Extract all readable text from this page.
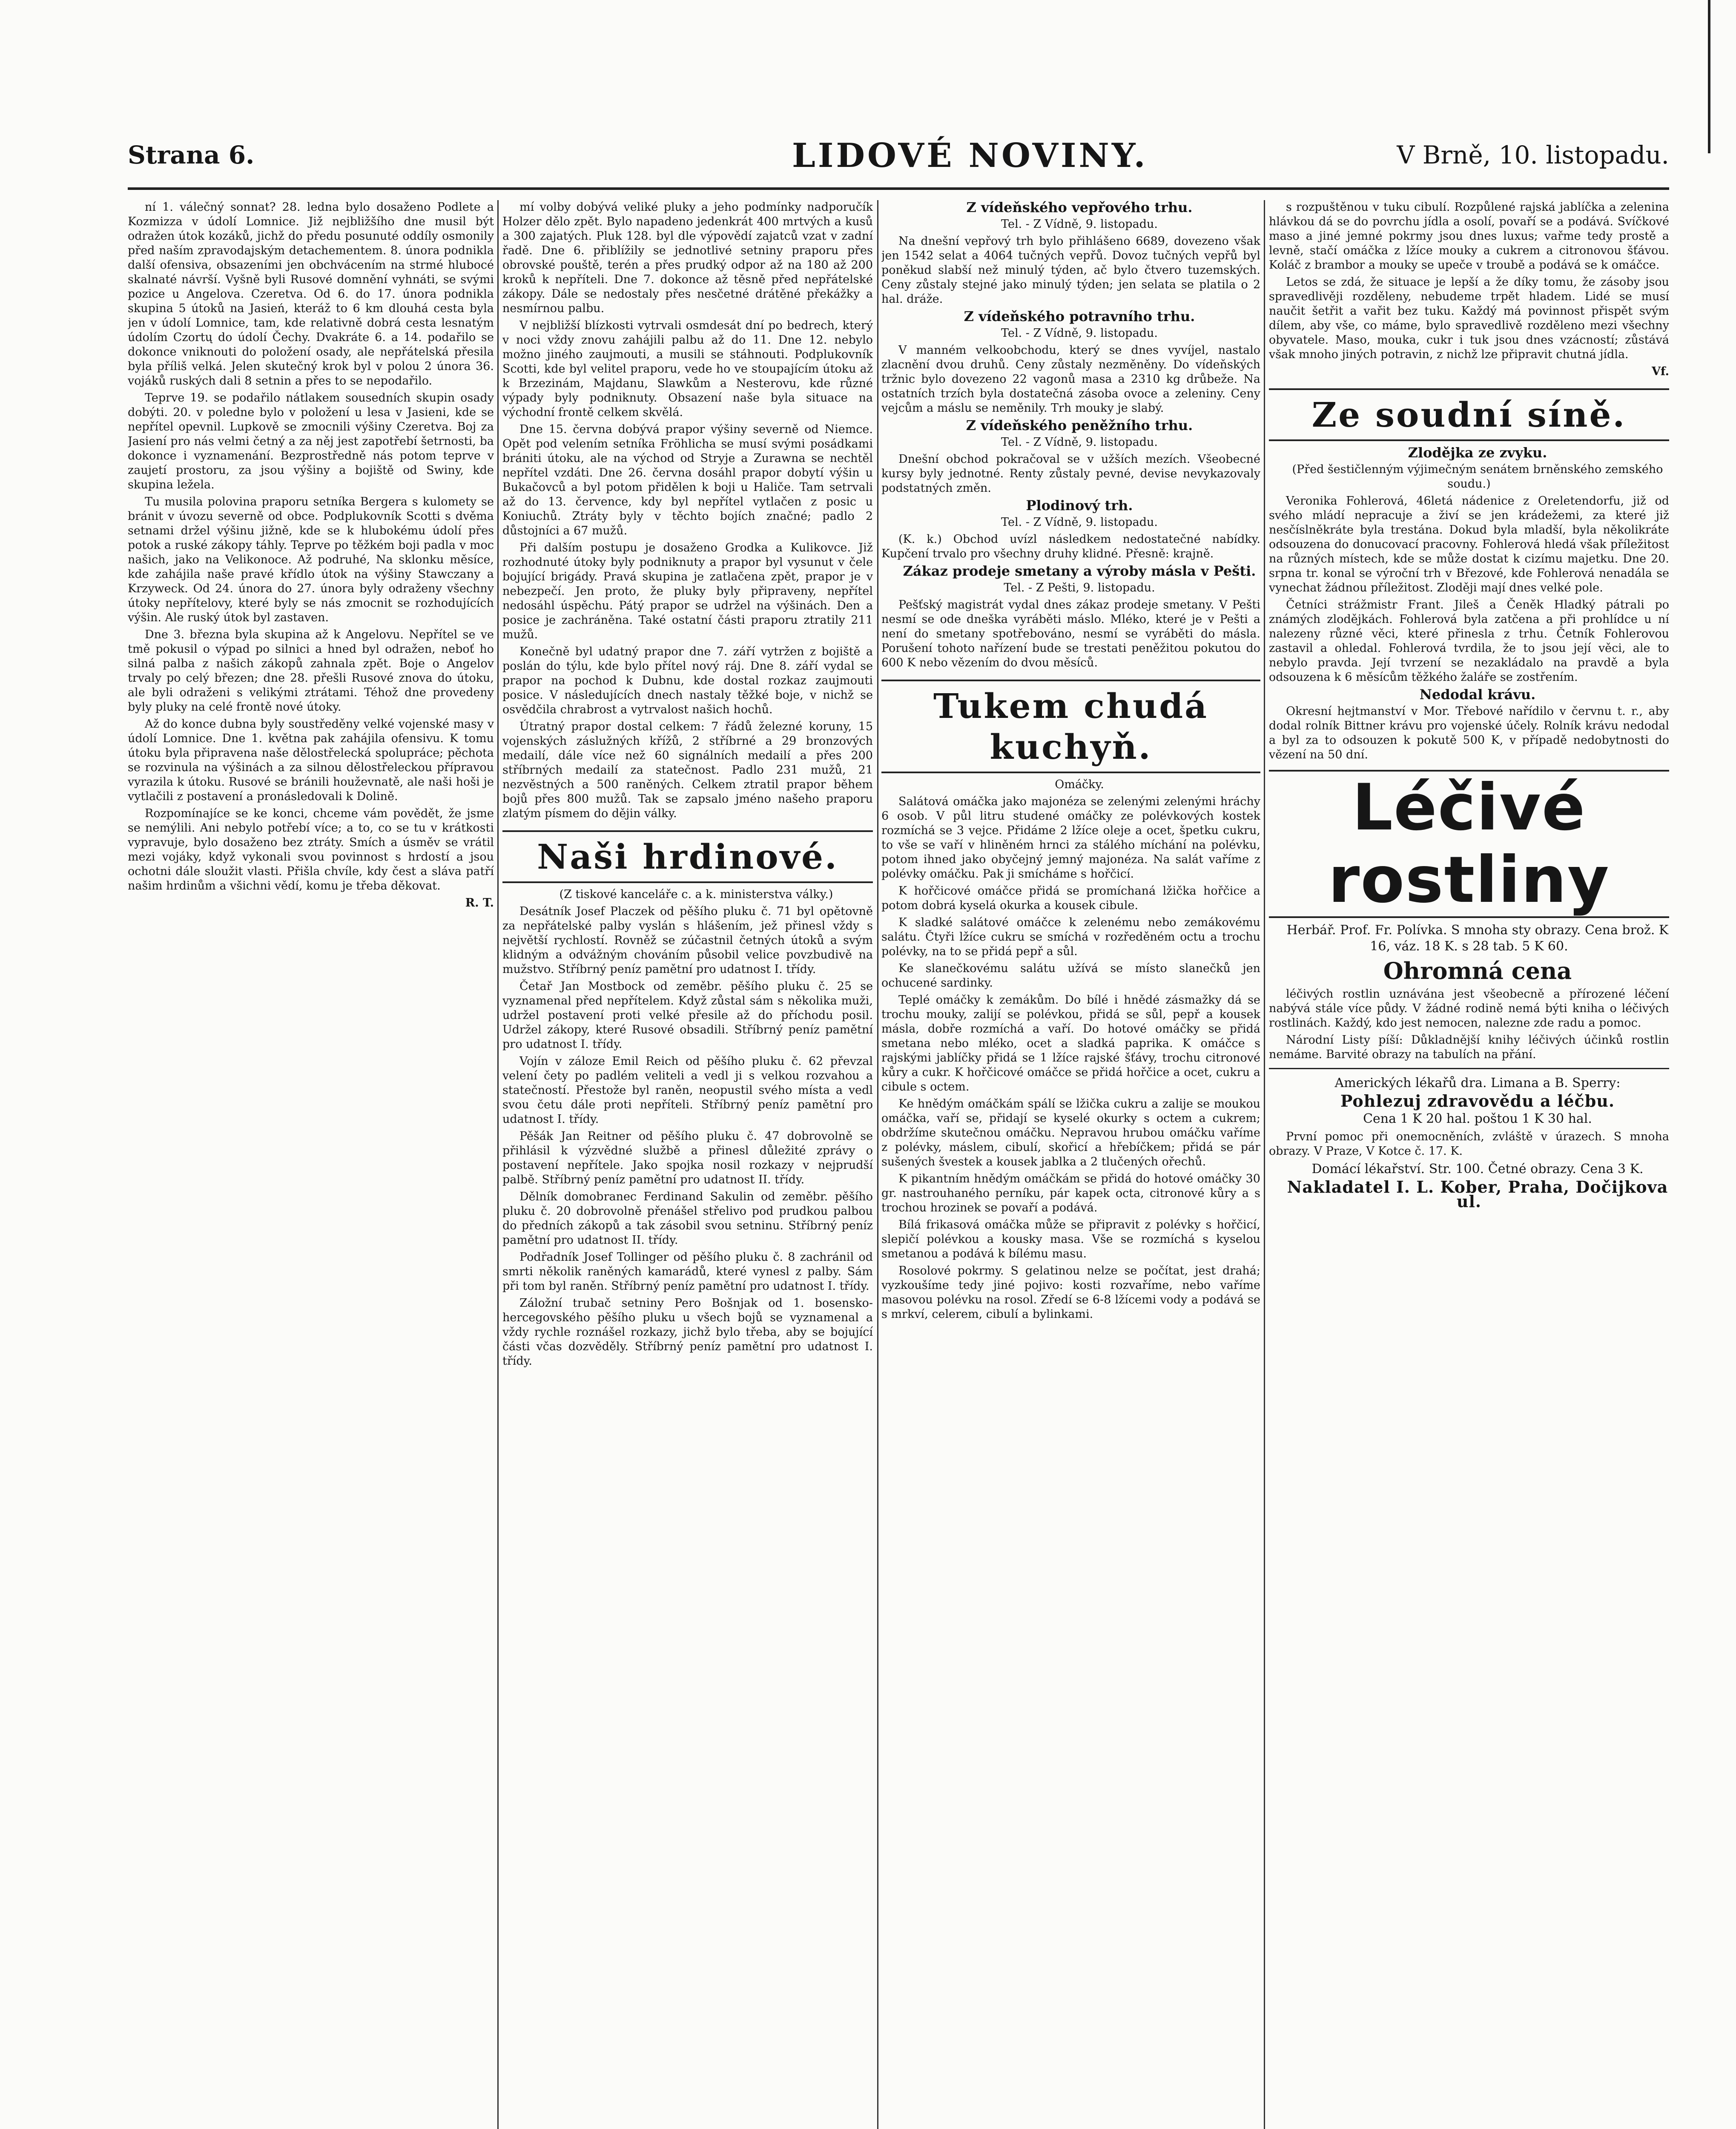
Strana 6.	LIDOVÉ NOVINY.	V Brně, 10. listopadu.

ní 1. válečný sonnat? 28. ledna bylo dosaženo Podlete a Kozmizza v údolí Lomnice. Již nejbližšího dne musil být odražen útok kozáků, jichž do předu posunuté oddíly osmonily před naším zpravodajským detachementem. 8. února podnikla další ofensiva, obsazeními jen obchvácením na strmé hlubocé skalnaté návrší. Vyšně byli Rusové domnění vyhnáti, se svými pozice u Angelova. Czeretva. Od 6. do 17. února podnikla skupina 5 útoků na Jasień, kteráž to 6 km dlouhá cesta byla jen v údolí Lomnice, tam, kde relativně dobrá cesta lesnatým údolím Czortų do údolí Čechy. Dvakráte 6. a 14. podařilo se dokonce vniknouti do položení osady, ale nepřátelská přesila byla příliš velká. Jelen skutečný krok byl v polou 2 února 36. vojáků ruských dali 8 setnin a přes to se nepodařilo.

Teprve 19. se podařilo nátlakem sousedních skupin osady dobýti. 20. v poledne bylo v položení u lesa v Jasieni, kde se nepřítel opevnil. Lupkově se zmocnili výšiny Czeretva. Boj za Jasiení pro nás velmi četný a za něj jest zapotřebí šetrnosti, ba dokonce i vyznamenání. Bezprostředně nás potom teprve v zaujetí prostoru, za jsou výšiny a bojiště od Swiny, kde skupina ležela.

Tu musila polovina praporu setníka Bergera s kulomety se bránit v úvozu severně od obce. Podplukovník Scotti s dvěma setnami držel výšinu jižně, kde se k hlubokému údolí přes potok a ruské zákopy táhly. Teprve po těžkém boji padla v moc našich, jako na Velikonoce. Až podruhé, Na sklonku měsíce, kde zahájila naše pravé křídlo útok na výšiny Stawczany a Krzyweck. Od 24. února do 27. února byly odraženy všechny útoky nepřítelovy, které byly se nás zmocnit se rozhodujících výšin. Ale ruský útok byl zastaven.

Dne 3. března byla skupina až k Angelovu. Nepřítel se ve tmě pokusil o výpad po silnici a hned byl odražen, neboť ho silná palba z našich zákopů zahnala zpět. Boje o Angelov trvaly po celý březen; dne 28. přešli Rusové znova do útoku, ale byli odraženi s velikými ztrátami. Téhož dne provedeny byly pluky na celé frontě nové útoky.

Až do konce dubna byly soustředěny velké vojenské masy v údolí Lomnice. Dne 1. května pak zahájila ofensivu. K tomu útoku byla připravena naše dělostřelecká spolupráce; pěchota se rozvinula na výšinách a za silnou dělostřeleckou přípravou vyrazila k útoku. Rusové se bránili houževnatě, ale naši hoši je vytlačili z postavení a pronásledovali k Dolině.

Rozpomínajíce se ke konci, chceme vám povědět, že jsme se nemýlili. Ani nebylo potřebí více; a to, co se tu v krátkosti vypravuje, bylo dosaženo bez ztráty. Smích a úsměv se vrátil mezi vojáky, když vykonali svou povinnost s hrdostí a jsou ochotni dále sloužit vlasti. Přišla chvíle, kdy čest a sláva patří našim hrdinům a všichni vědí, komu je třeba děkovat.

R. T.

mí volby dobývá veliké pluky a jeho podmínky nadporučík Holzer dělo zpět. Bylo napadeno jedenkrát 400 mrtvých a kusů a 300 zajatých. Pluk 128. byl dle výpovědí zajatců vzat v zadní řadě. Dne 6. přiblížily se jednotlivé setniny praporu přes obrovské pouště, terén a přes prudký odpor až na 180 až 200 kroků k nepříteli. Dne 7. dokonce až těsně před nepřátelské zákopy. Dále se nedostaly přes nesčetné drátěné překážky a nesmírnou palbu.

V nejbližší blízkosti vytrvali osmdesát dní po bedrech, který v noci vždy znovu zahájili palbu až do 11. Dne 12. nebylo možno jiného zaujmouti, a musili se stáhnouti. Podplukovník Scotti, kde byl velitel praporu, vede ho ve stoupajícím útoku až k Brzezinám, Majdanu, Slawkům a Nesterovu, kde různé výpady byly podniknuty. Obsazení naše byla situace na východní frontě celkem skvělá.

Dne 15. června dobývá prapor výšiny severně od Niemce. Opět pod velením setníka Fröhlicha se musí svými posádkami brániti útoku, ale na východ od Stryje a Zurawna se nechtěl nepřítel vzdáti. Dne 26. června dosáhl prapor dobytí výšin u Bukačovců a byl potom přidělen k boji u Haliče. Tam setrvali až do 13. července, kdy byl nepřítel vytlačen z posic u Koniuchů. Ztráty byly v těchto bojích značné; padlo 2 důstojníci a 67 mužů.

Při dalším postupu je dosaženo Grodka a Kulikovce. Již rozhodnuté útoky byly podniknuty a prapor byl vysunut v čele bojující brigády. Pravá skupina je zatlačena zpět, prapor je v nebezpečí. Jen proto, že pluky byly připraveny, nepřítel nedosáhl úspěchu. Pátý prapor se udržel na výšinách. Den a posice je zachráněna. Také ostatní části praporu ztratily 211 mužů.

Konečně byl udatný prapor dne 7. září vytržen z bojiště a poslán do týlu, kde bylo přítel nový ráj. Dne 8. září vydal se prapor na pochod k Dubnu, kde dostal rozkaz zaujmouti posice. V následujících dnech nastaly těžké boje, v nichž se osvědčila chrabrost a vytrvalost našich hochů.

Útratný prapor dostal celkem: 7 řádů železné koruny, 15 vojenských záslužných křížů, 2 stříbrné a 29 bronzových medailí, dále více než 60 signálních medailí a přes 200 stříbrných medailí za statečnost. Padlo 231 mužů, 21 nezvěstných a 500 raněných. Celkem ztratil prapor během bojů přes 800 mužů. Tak se zapsalo jméno našeho praporu zlatým písmem do dějin války.

Naši hrdinové.

(Z tiskové kanceláře c. a k. ministerstva války.)

Desátník Josef Placzek od pěšího pluku č. 71 byl opětovně za nepřátelské palby vyslán s hlášením, jež přinesl vždy s největší rychlostí. Rovněž se zúčastnil četných útoků a svým klidným a odvážným chováním působil velice povzbudivě na mužstvo. Stříbrný peníz pamětní pro udatnost I. třídy.

Četař Jan Mostbock od zeměbr. pěšího pluku č. 25 se vyznamenal před nepřítelem. Když zůstal sám s několika muži, udržel postavení proti velké přesile až do příchodu posil. Udržel zákopy, které Rusové obsadili. Stříbrný peníz pamětní pro udatnost I. třídy.

Vojín v záloze Emil Reich od pěšího pluku č. 62 převzal velení čety po padlém veliteli a vedl ji s velkou rozvahou a statečností. Přestože byl raněn, neopustil svého místa a vedl svou četu dále proti nepříteli. Stříbrný peníz pamětní pro udatnost I. třídy.

Pěšák Jan Reitner od pěšího pluku č. 47 dobrovolně se přihlásil k výzvědné službě a přinesl důležité zprávy o postavení nepřítele. Jako spojka nosil rozkazy v nejprudší palbě. Stříbrný peníz pamětní pro udatnost II. třídy.

Dělník domobranec Ferdinand Sakulin od zeměbr. pěšího pluku č. 20 dobrovolně přenášel střelivo pod prudkou palbou do předních zákopů a tak zásobil svou setninu. Stříbrný peníz pamětní pro udatnost II. třídy.

Podřadník Josef Tollinger od pěšího pluku č. 8 zachránil od smrti několik raněných kamarádů, které vynesl z palby. Sám při tom byl raněn. Stříbrný peníz pamětní pro udatnost I. třídy.

Záložní trubač setniny Pero Bošnjak od 1. bosensko-hercegovského pěšího pluku u všech bojů se vyznamenal a vždy rychle roznášel rozkazy, jichž bylo třeba, aby se bojující části včas dozvěděly. Stříbrný peníz pamětní pro udatnost I. třídy.

Z vídeňského vepřového trhu.

Tel. - Z Vídně, 9. listopadu.

Na dnešní vepřový trh bylo přihlášeno 6689, dovezeno však jen 1542 selat a 4064 tučných vepřů. Dovoz tučných vepřů byl poněkud slabší než minulý týden, ač bylo čtvero tuzemských. Ceny zůstaly stejné jako minulý týden; jen selata se platila o 2 hal. dráže.

Z vídeňského potravního trhu.

Tel. - Z Vídně, 9. listopadu.

V manném velkoobchodu, který se dnes vyvíjel, nastalo zlacnění dvou druhů. Ceny zůstaly nezměněny. Do vídeňských tržnic bylo dovezeno 22 vagonů masa a 2310 kg drůbeže. Na ostatních trzích byla dostatečná zásoba ovoce a zeleniny. Ceny vejcům a máslu se neměnily. Trh mouky je slabý.

Z vídeňského peněžního trhu.

Tel. - Z Vídně, 9. listopadu.

Dnešní obchod pokračoval se v užších mezích. Všeobecné kursy byly jednotné. Renty zůstaly pevné, devise nevykazovaly podstatných změn.

Plodinový trh.

Tel. - Z Vídně, 9. listopadu.

(K. k.) Obchod uvízl následkem nedostatečné nabídky. Kupčení trvalo pro všechny druhy klidné. Přesně: krajně.

Zákaz prodeje smetany a výroby másla v Pešti.

Tel. - Z Pešti, 9. listopadu.

Pešťský magistrát vydal dnes zákaz prodeje smetany. V Pešti nesmí se ode dneška vyráběti máslo. Mléko, které je v Pešti a není do smetany spotřebováno, nesmí se vyráběti do másla. Porušení tohoto nařízení bude se trestati peněžitou pokutou do 600 K nebo vězením do dvou měsíců.

Tukem chudá kuchyň.

Omáčky.

Salátová omáčka jako majonéza se zelenými zelenými hráchy 6 osob. V půl litru studené omáčky ze polévkových kostek rozmíchá se 3 vejce. Přidáme 2 lžíce oleje a ocet, špetku cukru, to vše se vaří v hliněném hrnci za stálého míchání na polévku, potom ihned jako obyčejný jemný majonéza. Na salát vaříme z polévky omáčku. Pak ji smícháme s hořčicí.

K hořčicové omáčce přidá se promíchaná lžička hořčice a potom dobrá kyselá okurka a kousek cibule.

K sladké salátové omáčce k zelenému nebo zemákovému salátu. Čtyři lžíce cukru se smíchá v rozředěném octu a trochu polévky, na to se přidá pepř a sůl.

Ke slanečkovému salátu užívá se místo slanečků jen ochucené sardinky.

Teplé omáčky k zemákům. Do bílé i hnědé zásmažky dá se trochu mouky, zalijí se polévkou, přidá se sůl, pepř a kousek másla, dobře rozmíchá a vaří. Do hotové omáčky se přidá smetana nebo mléko, ocet a sladká paprika. K omáčce s rajskými jablíčky přidá se 1 lžíce rajské šťávy, trochu citronové kůry a cukr. K hořčicové omáčce se přidá hořčice a ocet, cukru a cibule s octem.

Ke hnědým omáčkám spálí se lžička cukru a zalije se moukou omáčka, vaří se, přidají se kyselé okurky s octem a cukrem; obdržíme skutečnou omáčku. Nepravou hrubou omáčku vaříme z polévky, máslem, cibulí, skořicí a hřebíčkem; přidá se pár sušených švestek a kousek jablka a 2 tlučených ořechů.

K pikantním hnědým omáčkám se přidá do hotové omáčky 30 gr. nastrouhaného perníku, pár kapek octa, citronové kůry a s trochou hrozinek se povaří a podává.

Bílá frikasová omáčka může se připravit z polévky s hořčicí, slepičí polévkou a kousky masa. Vše se rozmíchá s kyselou smetanou a podává k bílému masu.

Rosolové pokrmy. S gelatinou nelze se počítat, jest drahá; vyzkoušíme tedy jiné pojivo: kosti rozvaříme, nebo vaříme masovou polévku na rosol. Zředí se 6-8 lžícemi vody a podává se s mrkví, celerem, cibulí a bylinkami.

s rozpuštěnou v tuku cibulí. Rozpůlené rajská jablíčka a zelenina hlávkou dá se do povrchu jídla a osolí, povaří se a podává. Svíčkové maso a jiné jemné pokrmy jsou dnes luxus; vařme tedy prostě a levně, stačí omáčka z lžíce mouky a cukrem a citronovou šťávou. Koláč z brambor a mouky se upeče v troubě a podává se k omáčce.

Letos se zdá, že situace je lepší a že díky tomu, že zásoby jsou spravedlivěji rozděleny, nebudeme trpět hladem. Lidé se musí naučit šetřit a vařit bez tuku. Každý má povinnost přispět svým dílem, aby vše, co máme, bylo spravedlivě rozděleno mezi všechny obyvatele. Maso, mouka, cukr i tuk jsou dnes vzácností; zůstává však mnoho jiných potravin, z nichž lze připravit chutná jídla.

Vf.
Ze soudní síně.

Zlodějka ze zvyku.

(Před šestičlenným výjimečným senátem brněnského zemského soudu.)

Veronika Fohlerová, 46letá nádenice z Oreletendorfu, již od svého mládí nepracuje a živí se jen krádežemi, za které již nesčíslněkráte byla trestána. Dokud byla mladší, byla několikráte odsouzena do donucovací pracovny. Fohlerová hledá však příležitost na různých místech, kde se může dostat k cizímu majetku. Dne 20. srpna tr. konal se výroční trh v Březové, kde Fohlerová nenadála se vynechat žádnou příležitost. Zloději mají dnes velké pole.

Četníci strážmistr Frant. Jileš a Čeněk Hladký pátrali po známých zlodějkách. Fohlerová byla zatčena a při prohlídce u ní nalezeny různé věci, které přinesla z trhu. Četník Fohlerovou zastavil a ohledal. Fohlerová tvrdila, že to jsou její věci, ale to nebylo pravda. Její tvrzení se nezakládalo na pravdě a byla odsouzena k 6 měsícům těžkého žaláře se zostřením.

Nedodal krávu.

Okresní hejtmanství v Mor. Třebové nařídilo v červnu t. r., aby dodal rolník Bittner krávu pro vojenské účely. Rolník krávu nedodal a byl za to odsouzen k pokutě 500 K, v případě nedobytnosti do vězení na 50 dní.

Léčivé rostliny

Herbář. Prof. Fr. Polívka. S mnoha sty obrazy. Cena brož. K 16, váz. 18 K. s 28 tab. 5 K 60.

Ohromná cena

léčivých rostlin uznávána jest všeobecně a přírozené léčení nabývá stále více půdy. V žádné rodině nemá býti kniha o léčivých rostlinách. Každý, kdo jest nemocen, nalezne zde radu a pomoc.

Národní Listy píší: Důkladnější knihy léčivých účinků rostlin nemáme. Barvité obrazy na tabulích na přání.

Amerických lékařů dra. Limana a B. Sperry:

Pohlezuj zdravovědu a léčbu.

Cena 1 K 20 hal. poštou 1 K 30 hal.

První pomoc při onemocněních, zvláště v úrazech. S mnoha obrazy. V Praze, V Kotce č. 17. K.

Domácí lékařství. Str. 100. Četné obrazy. Cena 3 K.

Nakladatel I. L. Kober, Praha, Dočijkova ul.
